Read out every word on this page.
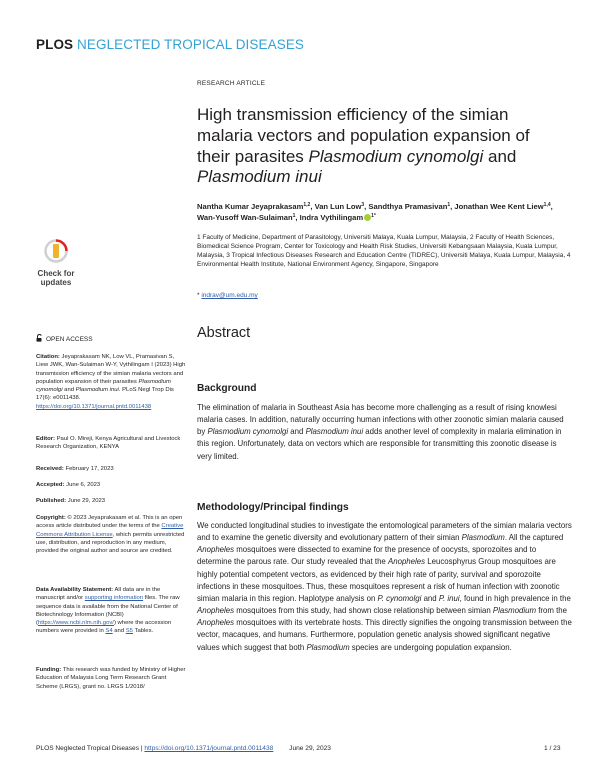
PLOS NEGLECTED TROPICAL DISEASES
Check for
updates
OPEN ACCESS
Citation: Jeyaprakasam NK, Low VL, Pramasivan S, Liew JWK, Wan-Sulaiman W-Y, Vythilingam I (2023) High transmission efficiency of the simian malaria vectors and population expansion of their parasites Plasmodium cynomolgi and Plasmodium inui. PLoS Negl Trop Dis 17(6): e0011438. https://doi.org/10.1371/journal.pntd.0011438
Editor: Paul O. Mireji, Kenya Agricultural and Livestock Research Organization, KENYA
Received: February 17, 2023
Accepted: June 6, 2023
Published: June 29, 2023
Copyright: © 2023 Jeyaprakasam et al. This is an open access article distributed under the terms of the Creative Commons Attribution License, which permits unrestricted use, distribution, and reproduction in any medium, provided the original author and source are credited.
Data Availability Statement: All data are in the manuscript and/or supporting information files. The raw sequence data is available from the National Center of Biotechnology Information (NCBI) (https://www.ncbi.nlm.nih.gov/) where the accession numbers were provided in S4 and S5 Tables.
Funding: This research was funded by Ministry of Higher Education of Malaysia Long Term Research Grant Scheme (LRGS), grant no. LRGS 1/2018/
RESEARCH ARTICLE
High transmission efficiency of the simian malaria vectors and population expansion of their parasites Plasmodium cynomolgi and Plasmodium inui
Nantha Kumar Jeyaprakasam$^{1,2}$, Van Lun Low$^3$, Sandthya Pramasivan$^1$, Jonathan Wee Kent Liew$^{1,4}$, Wan-Yusoff Wan-Sulaiman$^1$, Indra Vythilingam $^{1*}$
1 Faculty of Medicine, Department of Parasitology, Universiti Malaya, Kuala Lumpur, Malaysia, 2 Faculty of Health Sciences, Biomedical Science Program, Center for Toxicology and Health Risk Studies, Universiti Kebangsaan Malaysia, Kuala Lumpur, Malaysia, 3 Tropical Infectious Diseases Research and Education Centre (TIDREC), Universiti Malaya, Kuala Lumpur, Malaysia, 4 Environmental Health Institute, National Environment Agency, Singapore, Singapore
* indrav@um.edu.my
Abstract
Background
The elimination of malaria in Southeast Asia has become more challenging as a result of rising knowlesi malaria cases. In addition, naturally occurring human infections with other zoonotic simian malaria caused by Plasmodium cynomolgi and Plasmodium inui adds another level of complexity in malaria elimination in this region. Unfortunately, data on vectors which are responsible for transmitting this zoonotic disease is very limited.
Methodology/Principal findings
We conducted longitudinal studies to investigate the entomological parameters of the simian malaria vectors and to examine the genetic diversity and evolutionary pattern of their simian Plasmodium. All the captured Anopheles mosquitoes were dissected to examine for the presence of oocysts, sporozoites and to determine the parous rate. Our study revealed that the Anopheles Leucosphyrus Group mosquitoes are highly potential competent vectors, as evidenced by their high rate of parity, survival and sporozoite infections in these mosquitoes. Thus, these mosquitoes represent a risk of human infection with zoonotic simian malaria in this region. Haplotype analysis on P. cynomolgi and P. inui, found in high prevalence in the Anopheles mosquitoes from this study, had shown close relationship between simian Plasmodium from the Anopheles mosquitoes with its vertebrate hosts. This directly signifies the ongoing transmission between the vector, macaques, and humans. Furthermore, population genetic analysis showed significant negative values which suggest that both Plasmodium species are undergoing population expansion.
PLOS Neglected Tropical Diseases | https://doi.org/10.1371/journal.pntd.0011438 June 29, 2023	1 / 23
